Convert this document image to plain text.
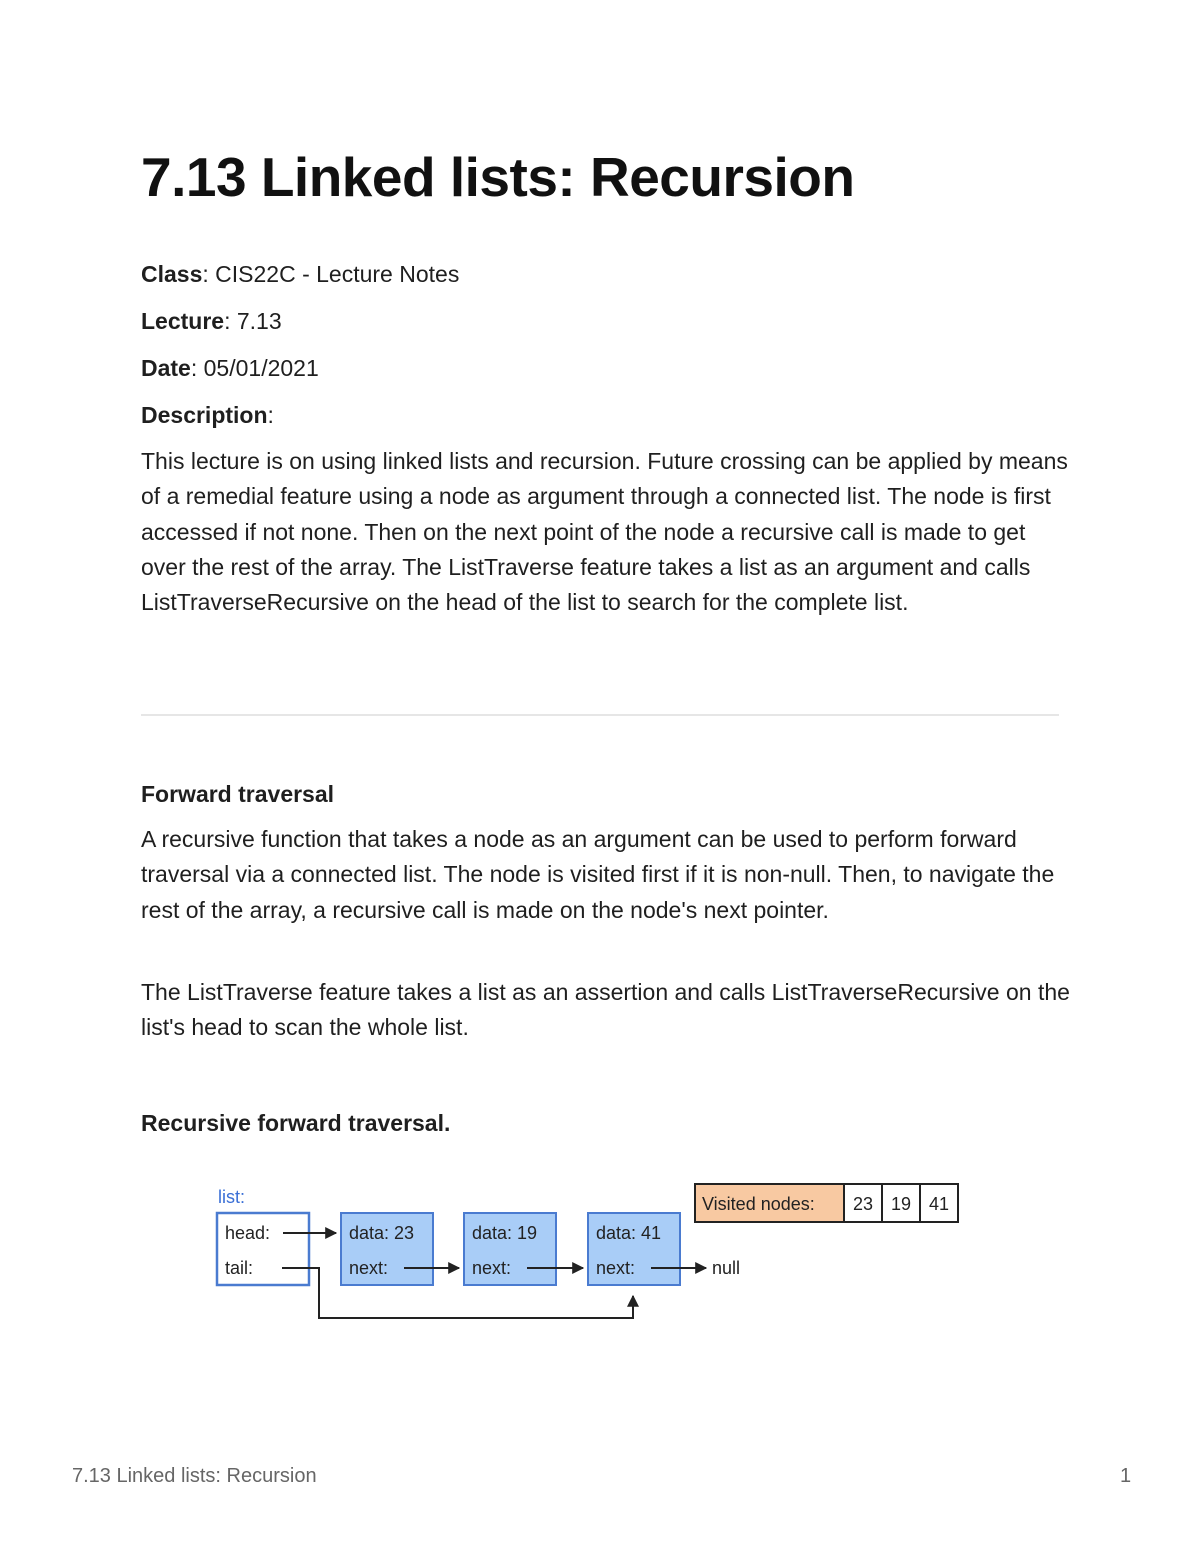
7.13 Linked lists: Recursion

Class: CIS22C - Lecture Notes

Lecture: 7.13

Date: 05/01/2021

Description:

This lecture is on using linked lists and recursion. Future crossing can be applied by means of a remedial feature using a node as argument through a connected list. The node is first accessed if not none. Then on the next point of the node a recursive call is made to get over the rest of the array. The ListTraverse feature takes a list as an argument and calls ListTraverseRecursive on the head of the list to search for the complete list.

Forward traversal

A recursive function that takes a node as an argument can be used to perform forward traversal via a connected list. The node is visited first if it is non-null. Then, to navigate the rest of the array, a recursive call is made on the node's next pointer.

The ListTraverse feature takes a list as an assertion and calls ListTraverseRecursive on the list's head to scan the whole list.

Recursive forward traversal.
list:
head:
tail:
data: 23
next:
data: 19
next:
data: 41
next:	null
Visited nodes: 23 19 41
7.13 Linked lists: Recursion	1
